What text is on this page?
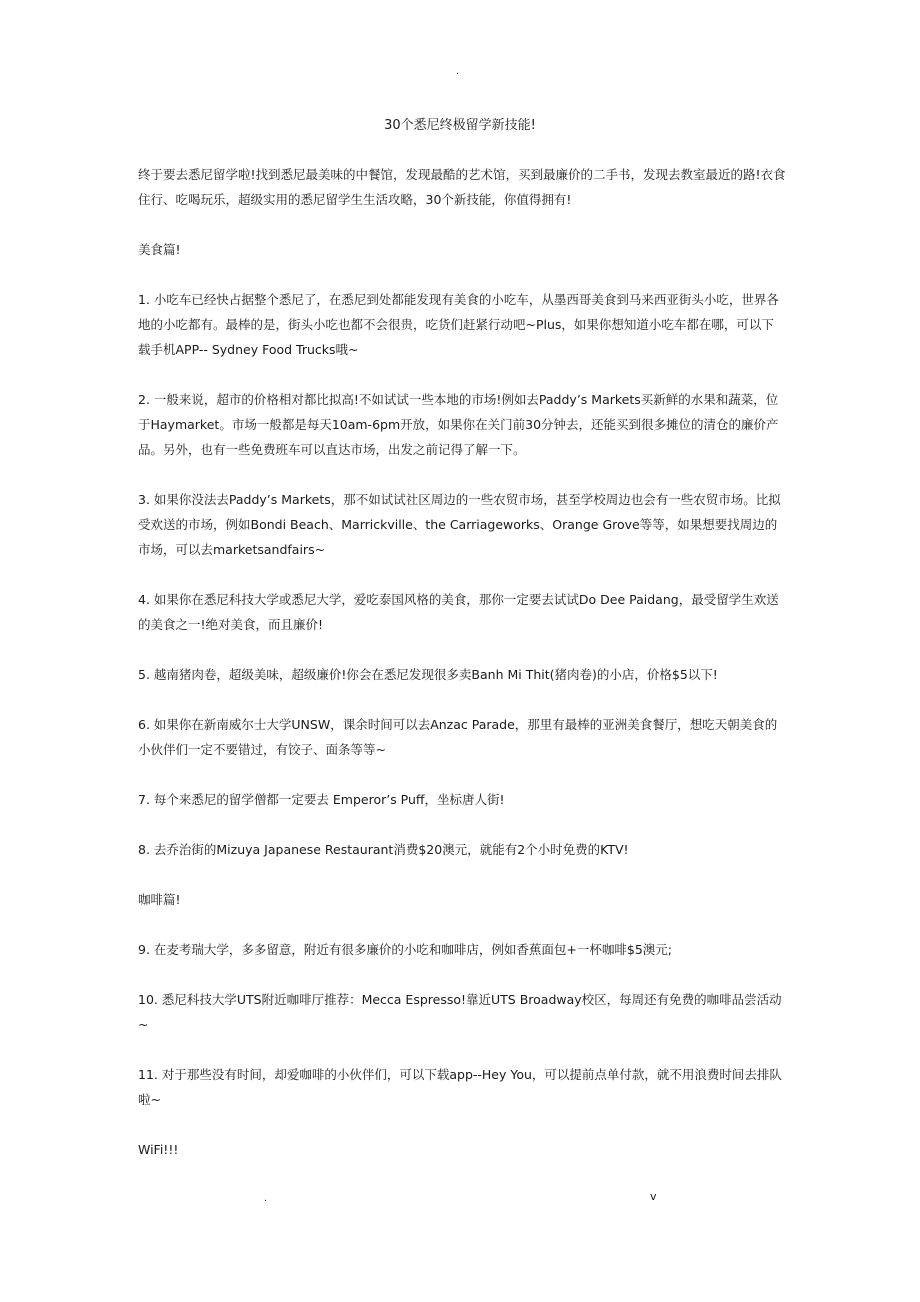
.
30个悉尼终极留学新技能!

终于要去悉尼留学啦!找到悉尼最美味的中餐馆，发现最酷的艺术馆，买到最廉价的二手书，发现去教室最近的路!衣食住行、吃喝玩乐，超级实用的悉尼留学生生活攻略，30个新技能，你值得拥有!

美食篇!

1. 小吃车已经快占据整个悉尼了，在悉尼到处都能发现有美食的小吃车，从墨西哥美食到马来西亚街头小吃，世界各地的小吃都有。最棒的是，街头小吃也都不会很贵，吃货们赶紧行动吧~Plus，如果你想知道小吃车都在哪，可以下载手机APP-- Sydney Food Trucks哦~

2. 一般来说，超市的价格相对都比拟高!不如试试一些本地的市场!例如去Paddy’s Markets买新鲜的水果和蔬菜，位于Haymarket。市场一般都是每天10am-6pm开放，如果你在关门前30分钟去，还能买到很多摊位的清仓的廉价产品。另外，也有一些免费班车可以直达市场，出发之前记得了解一下。

3. 如果你没法去Paddy’s Markets，那不如试试社区周边的一些农贸市场，甚至学校周边也会有一些农贸市场。比拟受欢送的市场，例如Bondi Beach、Marrickville、the Carriageworks、Orange Grove等等，如果想要找周边的市场，可以去marketsandfairs~

4. 如果你在悉尼科技大学或悉尼大学，爱吃泰国风格的美食，那你一定要去试试Do Dee Paidang，最受留学生欢送的美食之一!绝对美食，而且廉价!

5. 越南猪肉卷，超级美味，超级廉价!你会在悉尼发现很多卖Banh Mi Thit(猪肉卷)的小店，价格$5以下!

6. 如果你在新南威尔士大学UNSW，课余时间可以去Anzac Parade，那里有最棒的亚洲美食餐厅，想吃天朝美食的小伙伴们一定不要错过，有饺子、面条等等~

7. 每个来悉尼的留学僧都一定要去 Emperor’s Puff，坐标唐人街!

8. 去乔治街的Mizuya Japanese Restaurant消费$20澳元，就能有2个小时免费的KTV!

咖啡篇!

9. 在麦考瑞大学，多多留意，附近有很多廉价的小吃和咖啡店，例如香蕉面包+一杯咖啡$5澳元;

10. 悉尼科技大学UTS附近咖啡厅推荐：Mecca Espresso!靠近UTS Broadway校区，每周还有免费的咖啡品尝活动~

11. 对于那些没有时间，却爱咖啡的小伙伴们，可以下载app--Hey You，可以提前点单付款，就不用浪费时间去排队啦~

WiFi!!!

.	v
